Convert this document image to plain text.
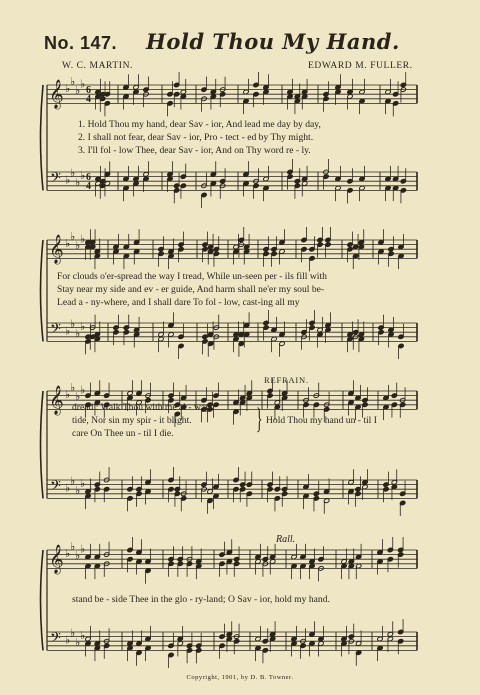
No. 147. Hold Thou My Hand.
W. C. MARTIN.	EDWARD M. FULLER.
𝄞
𝄢
♭
♭
♭
♭
♭
♭
♭
♭
6
6
4
4
𝄞
𝄢
♭
♭
♭
♭
♭
♭
♭
♭
𝄞
𝄢
♭
♭
♭
♭
♭
♭
♭
♭
𝄞
𝄢
♭
♭
♭
♭
♭
♭
♭
♭
1. Hold Thou my hand, dear Sav - ior, And lead me day by day,
2. I shall not fear, dear Sav - ior, Pro - tect - ed by Thy might.
3. I'll fol - low Thee, dear Sav - ior, And on Thy word re - ly.
For clouds o'er-spread the way I tread, While un-seen per - ils fill with
Stay near my side and ev - er guide, And harm shall ne'er my soul be-
Lead a - ny-where, and I shall dare To fol - low, cast-ing all my
REFRAIN.
dread : Walk Thou with me al - way.
tide, Nor sin my spir - it blight.
care On Thee un - til I die.	} Hold Thou my hand un - til I
Rall.
stand be - side Thee in the glo - ry-land; O Sav - ior, hold my hand.
Copyright, 1901, by D. B. Towner.
